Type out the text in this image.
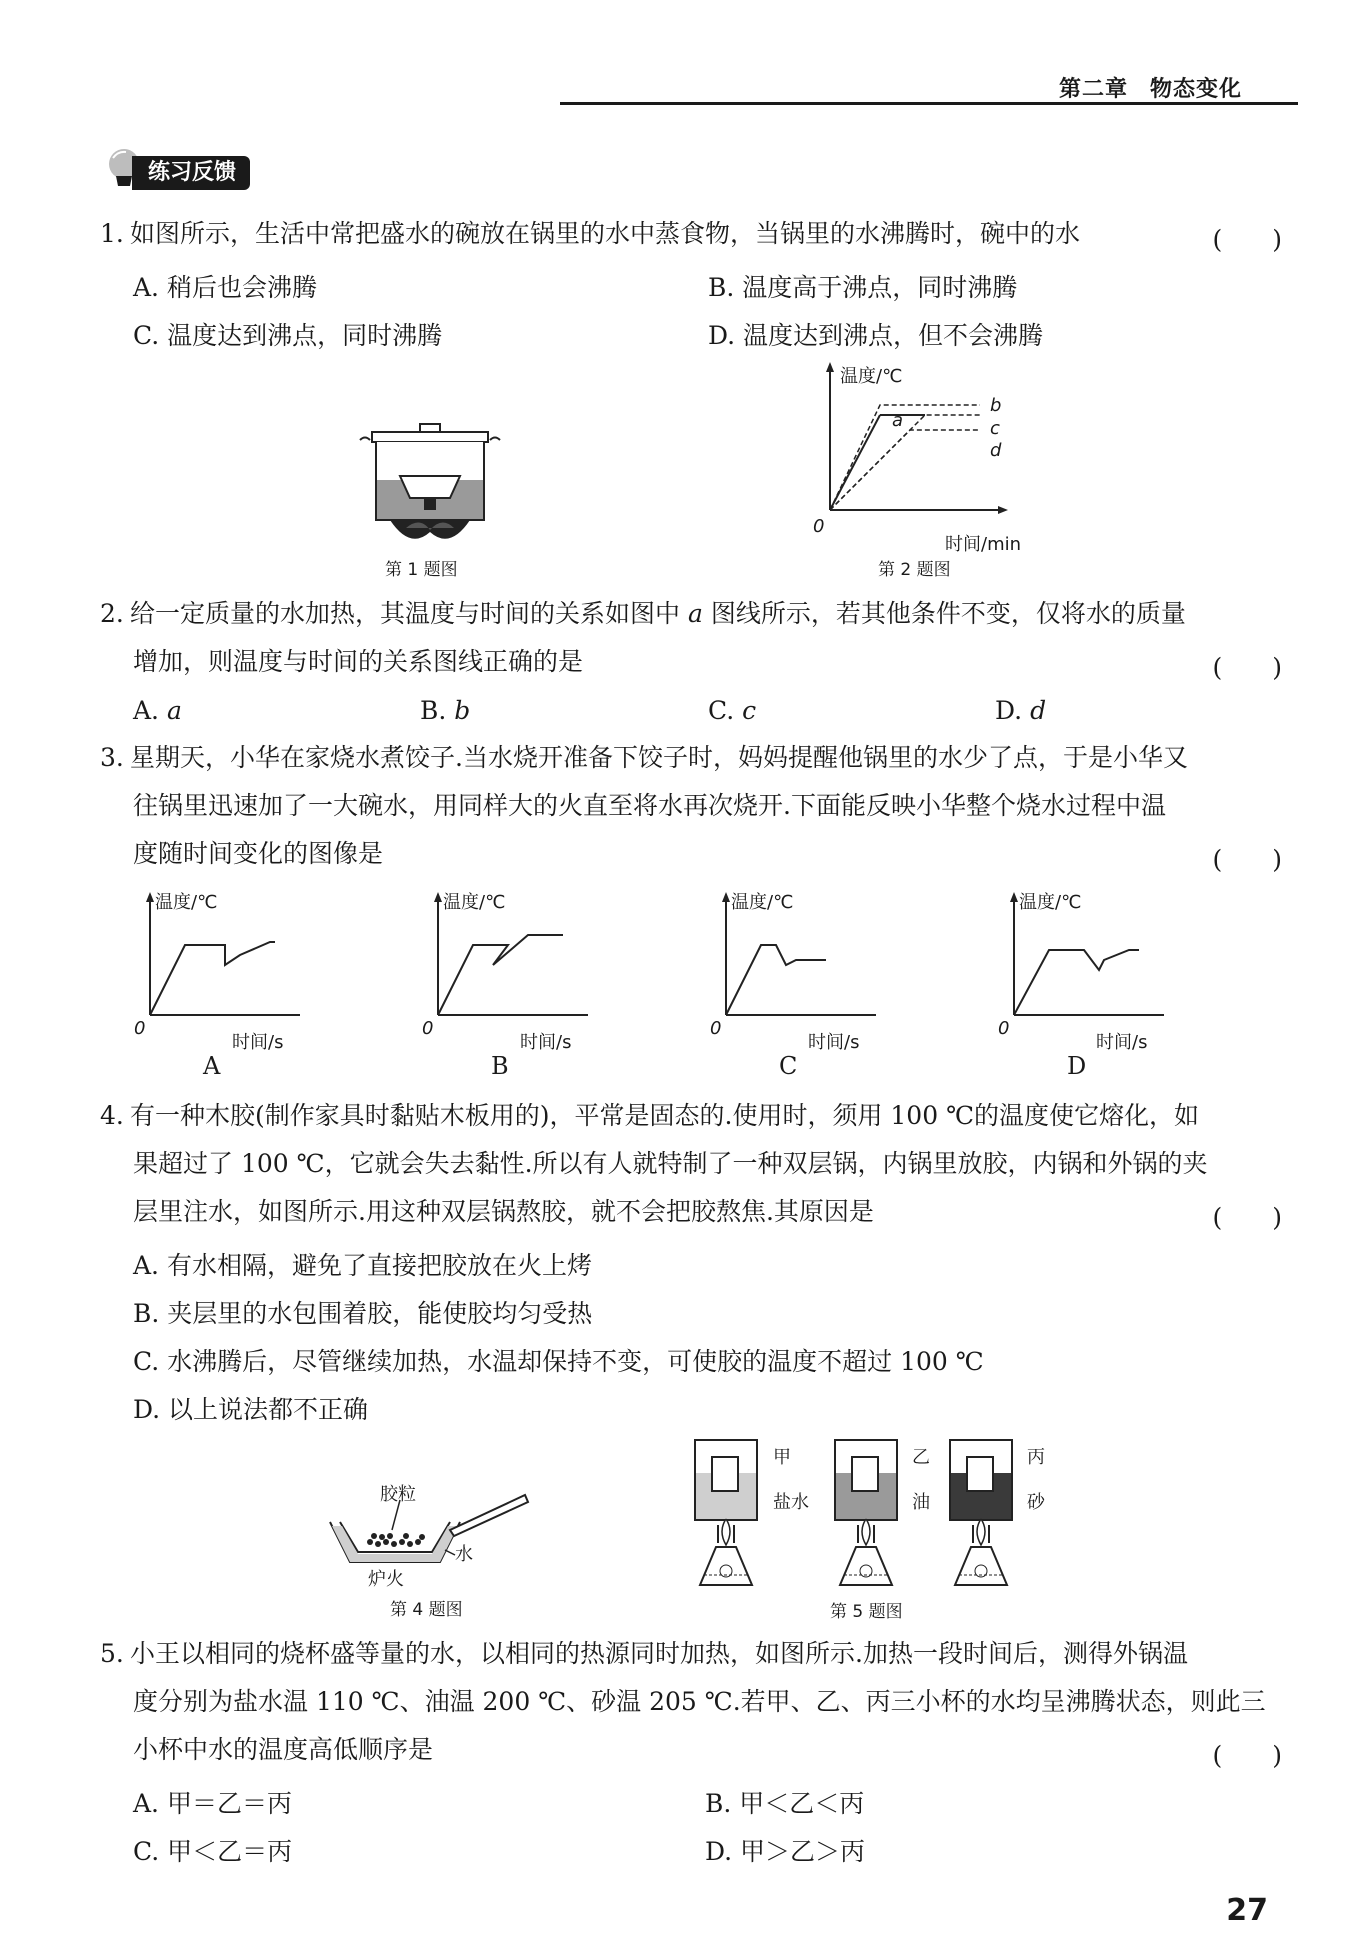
第二章 物态变化
练习反馈
1. 如图所示，生活中常把盛水的碗放在锅里的水中蒸食物，当锅里的水沸腾时，碗中的水	(　　)
A. 稍后也会沸腾	B. 温度高于沸点，同时沸腾
C. 温度达到沸点，同时沸腾	D. 温度达到沸点，但不会沸腾
第 1 题图
温度/℃
0
时间/min
b
a	c
d
第 2 题图
2. 给一定质量的水加热，其温度与时间的关系如图中 a 图线所示，若其他条件不变，仅将水的质量
增加，则温度与时间的关系图线正确的是	(　　)
A. a	B. b	C. c	D. d
3. 星期天，小华在家烧水煮饺子.当水烧开准备下饺子时，妈妈提醒他锅里的水少了点，于是小华又
往锅里迅速加了一大碗水，用同样大的火直至将水再次烧开.下面能反映小华整个烧水过程中温
度随时间变化的图像是	(　　)
温度/℃	温度/℃	温度/℃	温度/℃
0	0	0	0
时间/s	时间/s	时间/s	时间/s
A	B	C	D
4. 有一种木胶(制作家具时黏贴木板用的)，平常是固态的.使用时，须用 100 ℃的温度使它熔化，如
果超过了 100 ℃，它就会失去黏性.所以有人就特制了一种双层锅，内锅里放胶，内锅和外锅的夹
层里注水，如图所示.用这种双层锅熬胶，就不会把胶熬焦.其原因是	(　　)
A. 有水相隔，避免了直接把胶放在火上烤
B. 夹层里的水包围着胶，能使胶均匀受热
C. 水沸腾后，尽管继续加热，水温却保持不变，可使胶的温度不超过 100 ℃
D. 以上说法都不正确
胶粒
水
炉火
第 4 题图
甲
盐水
乙
油
丙
砂
第 5 题图
5. 小王以相同的烧杯盛等量的水，以相同的热源同时加热，如图所示.加热一段时间后，测得外锅温
度分别为盐水温 110 ℃、油温 200 ℃、砂温 205 ℃.若甲、乙、丙三小杯的水均呈沸腾状态，则此三
小杯中水的温度高低顺序是	(　　)
A. 甲＝乙＝丙	B. 甲＜乙＜丙
C. 甲＜乙＝丙	D. 甲＞乙＞丙
27
